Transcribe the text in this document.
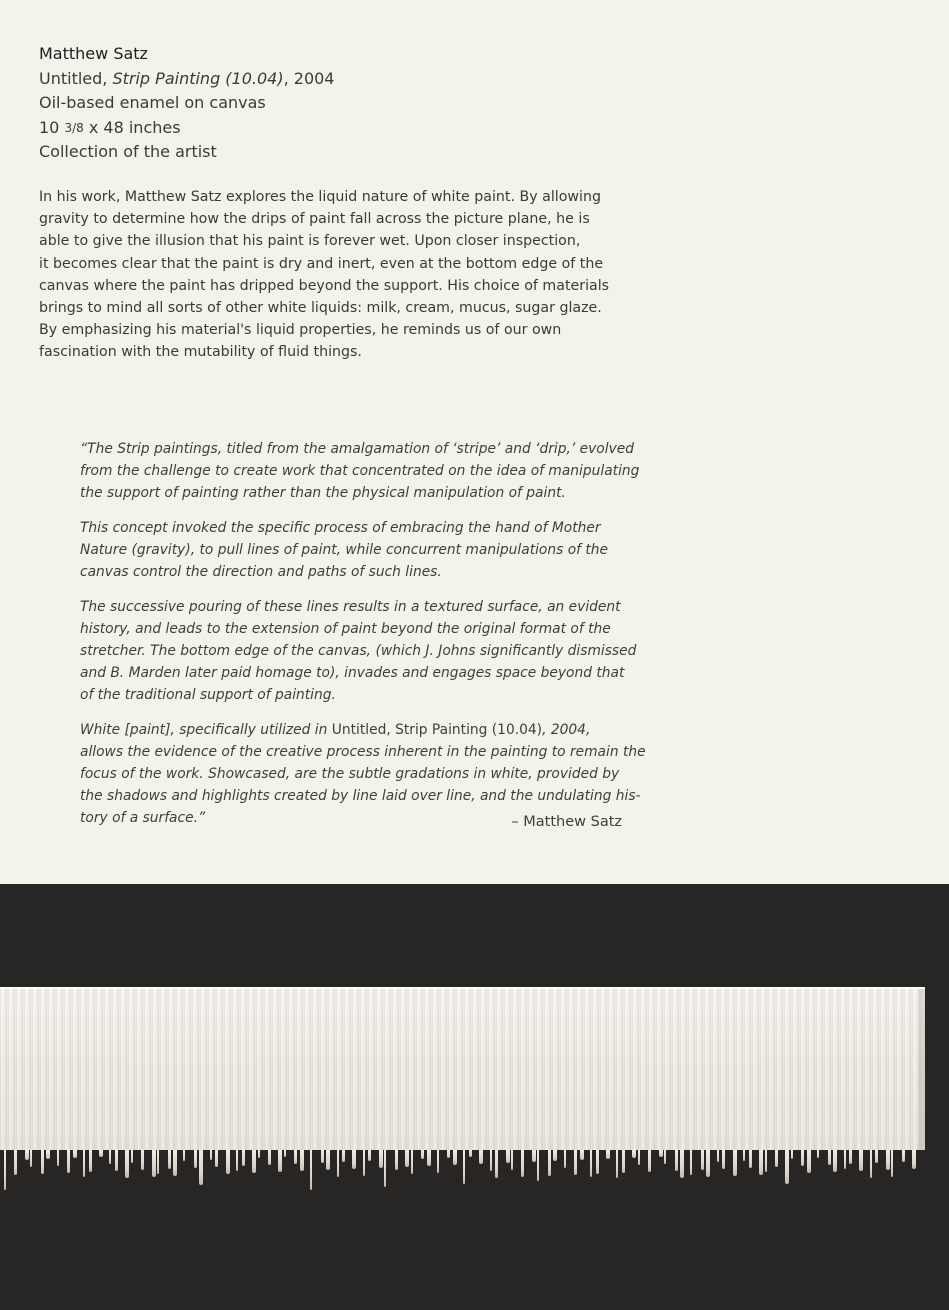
Matthew Satz
Untitled, Strip Painting (10.04), 2004
Oil-based enamel on canvas
10 3/8 x 48 inches
Collection of the artist

In his work, Matthew Satz explores the liquid nature of white paint. By allowing
gravity to determine how the drips of paint fall across the picture plane, he is
able to give the illusion that his paint is forever wet. Upon closer inspection,
it becomes clear that the paint is dry and inert, even at the bottom edge of the
canvas where the paint has dripped beyond the support. His choice of materials
brings to mind all sorts of other white liquids: milk, cream, mucus, sugar glaze.
By emphasizing his material's liquid properties, he reminds us of our own
fascination with the mutability of fluid things.

“The Strip paintings, titled from the amalgamation of ‘stripe’ and ‘drip,’ evolved
from the challenge to create work that concentrated on the idea of manipulating
the support of painting rather than the physical manipulation of paint.

This concept invoked the specific process of embracing the hand of Mother
Nature (gravity), to pull lines of paint, while concurrent manipulations of the
canvas control the direction and paths of such lines.

The successive pouring of these lines results in a textured surface, an evident
history, and leads to the extension of paint beyond the original format of the
stretcher. The bottom edge of the canvas, (which J. Johns significantly dismissed
and B. Marden later paid homage to), invades and engages space beyond that
of the traditional support of painting.

White [paint], specifically utilized in Untitled, Strip Painting (10.04), 2004,
allows the evidence of the creative process inherent in the painting to remain the
focus of the work. Showcased, are the subtle gradations in white, provided by
the shadows and highlights created by line laid over line, and the undulating his-
tory of a surface.”	– Matthew Satz
